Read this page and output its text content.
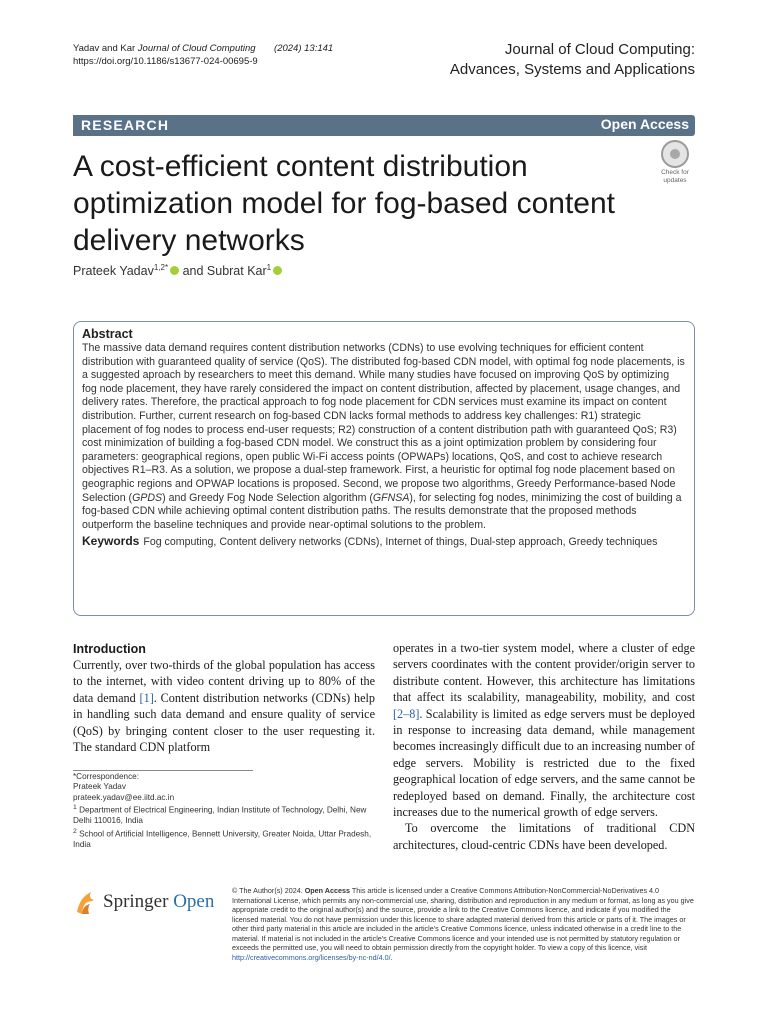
Yadav and Kar Journal of Cloud Computing (2024) 13:141
https://doi.org/10.1186/s13677-024-00695-9
Journal of Cloud Computing:
Advances, Systems and Applications
RESEARCH	Open Access
A cost-efficient content distribution optimization model for fog-based content delivery networks
Check for
updates
Prateek Yadav$^{1,2*}$ and Subrat Kar$^1$
Abstract
The massive data demand requires content distribution networks (CDNs) to use evolving techniques for efficient content distribution with guaranteed quality of service (QoS). The distributed fog-based CDN model, with optimal fog node placements, is a suggested aproach by researchers to meet this demand. While many studies have focused on improving QoS by optimizing fog node placement, they have rarely considered the impact on content distribution, affected by placement, usage changes, and delivery rates. Therefore, the practical approach to fog node placement for CDN services must examine its impact on content distribution. Further, current research on fog-based CDN lacks formal methods to address key challenges: R1) strategic placement of fog nodes to process end-user requests; R2) construction of a content distribution path with guaranteed QoS; R3) cost minimization of building a fog-based CDN model. We construct this as a joint optimization problem by considering four parameters: geographical regions, open public Wi-Fi access points (OPWAPs) locations, QoS, and cost to achieve research objectives R1–R3. As a solution, we propose a dual-step framework. First, a heuristic for optimal fog node placement based on geographic regions and OPWAP locations is proposed. Second, we propose two algorithms, Greedy Performance-based Node Selection (GPDS) and Greedy Fog Node Selection algorithm (GFNSA), for selecting fog nodes, minimizing the cost of building a fog-based CDN while achieving optimal content distribution paths. The results demonstrate that the proposed methods outperform the baseline techniques and provide near-optimal solutions to the problem.
Keywords Fog computing, Content delivery networks (CDNs), Internet of things, Dual-step approach, Greedy techniques
Introduction

Currently, over two-thirds of the global population has access to the internet, with video content driving up to 80% of the data demand [1]. Content distribution networks (CDNs) help in handling such data demand and ensure quality of service (QoS) by bringing content closer to the user requesting it. The standard CDN platform

*Correspondence:
Prateek Yadav
prateek.yadav@ee.iitd.ac.in
$^1$ Department of Electrical Engineering, Indian Institute of Technology, Delhi, New Delhi 110016, India
$^2$ School of Artificial Intelligence, Bennett University, Greater Noida, Uttar Pradesh, India

operates in a two-tier system model, where a cluster of edge servers coordinates with the content provider/origin server to distribute content. However, this architecture has limitations that affect its scalability, manageability, mobility, and cost [2–8]. Scalability is limited as edge servers must be deployed in response to increasing data demand, while management becomes increasingly difficult due to an increasing number of edge servers. Mobility is restricted due to the fixed geographical location of edge servers, and the same cannot be redeployed based on demand. Finally, the architecture cost increases due to the numerical growth of edge servers.

To overcome the limitations of traditional CDN architectures, cloud-centric CDNs have been developed.

Springer Open
© The Author(s) 2024. Open Access This article is licensed under a Creative Commons Attribution-NonCommercial-NoDerivatives 4.0 International License, which permits any non-commercial use, sharing, distribution and reproduction in any medium or format, as long as you give appropriate credit to the original author(s) and the source, provide a link to the Creative Commons licence, and indicate if you modified the licensed material. You do not have permission under this licence to share adapted material derived from this article or parts of it. The images or other third party material in this article are included in the article's Creative Commons licence, unless indicated otherwise in a credit line to the material. If material is not included in the article's Creative Commons licence and your intended use is not permitted by statutory regulation or exceeds the permitted use, you will need to obtain permission directly from the copyright holder. To view a copy of this licence, visit http://creativecommons.org/licenses/by-nc-nd/4.0/.
